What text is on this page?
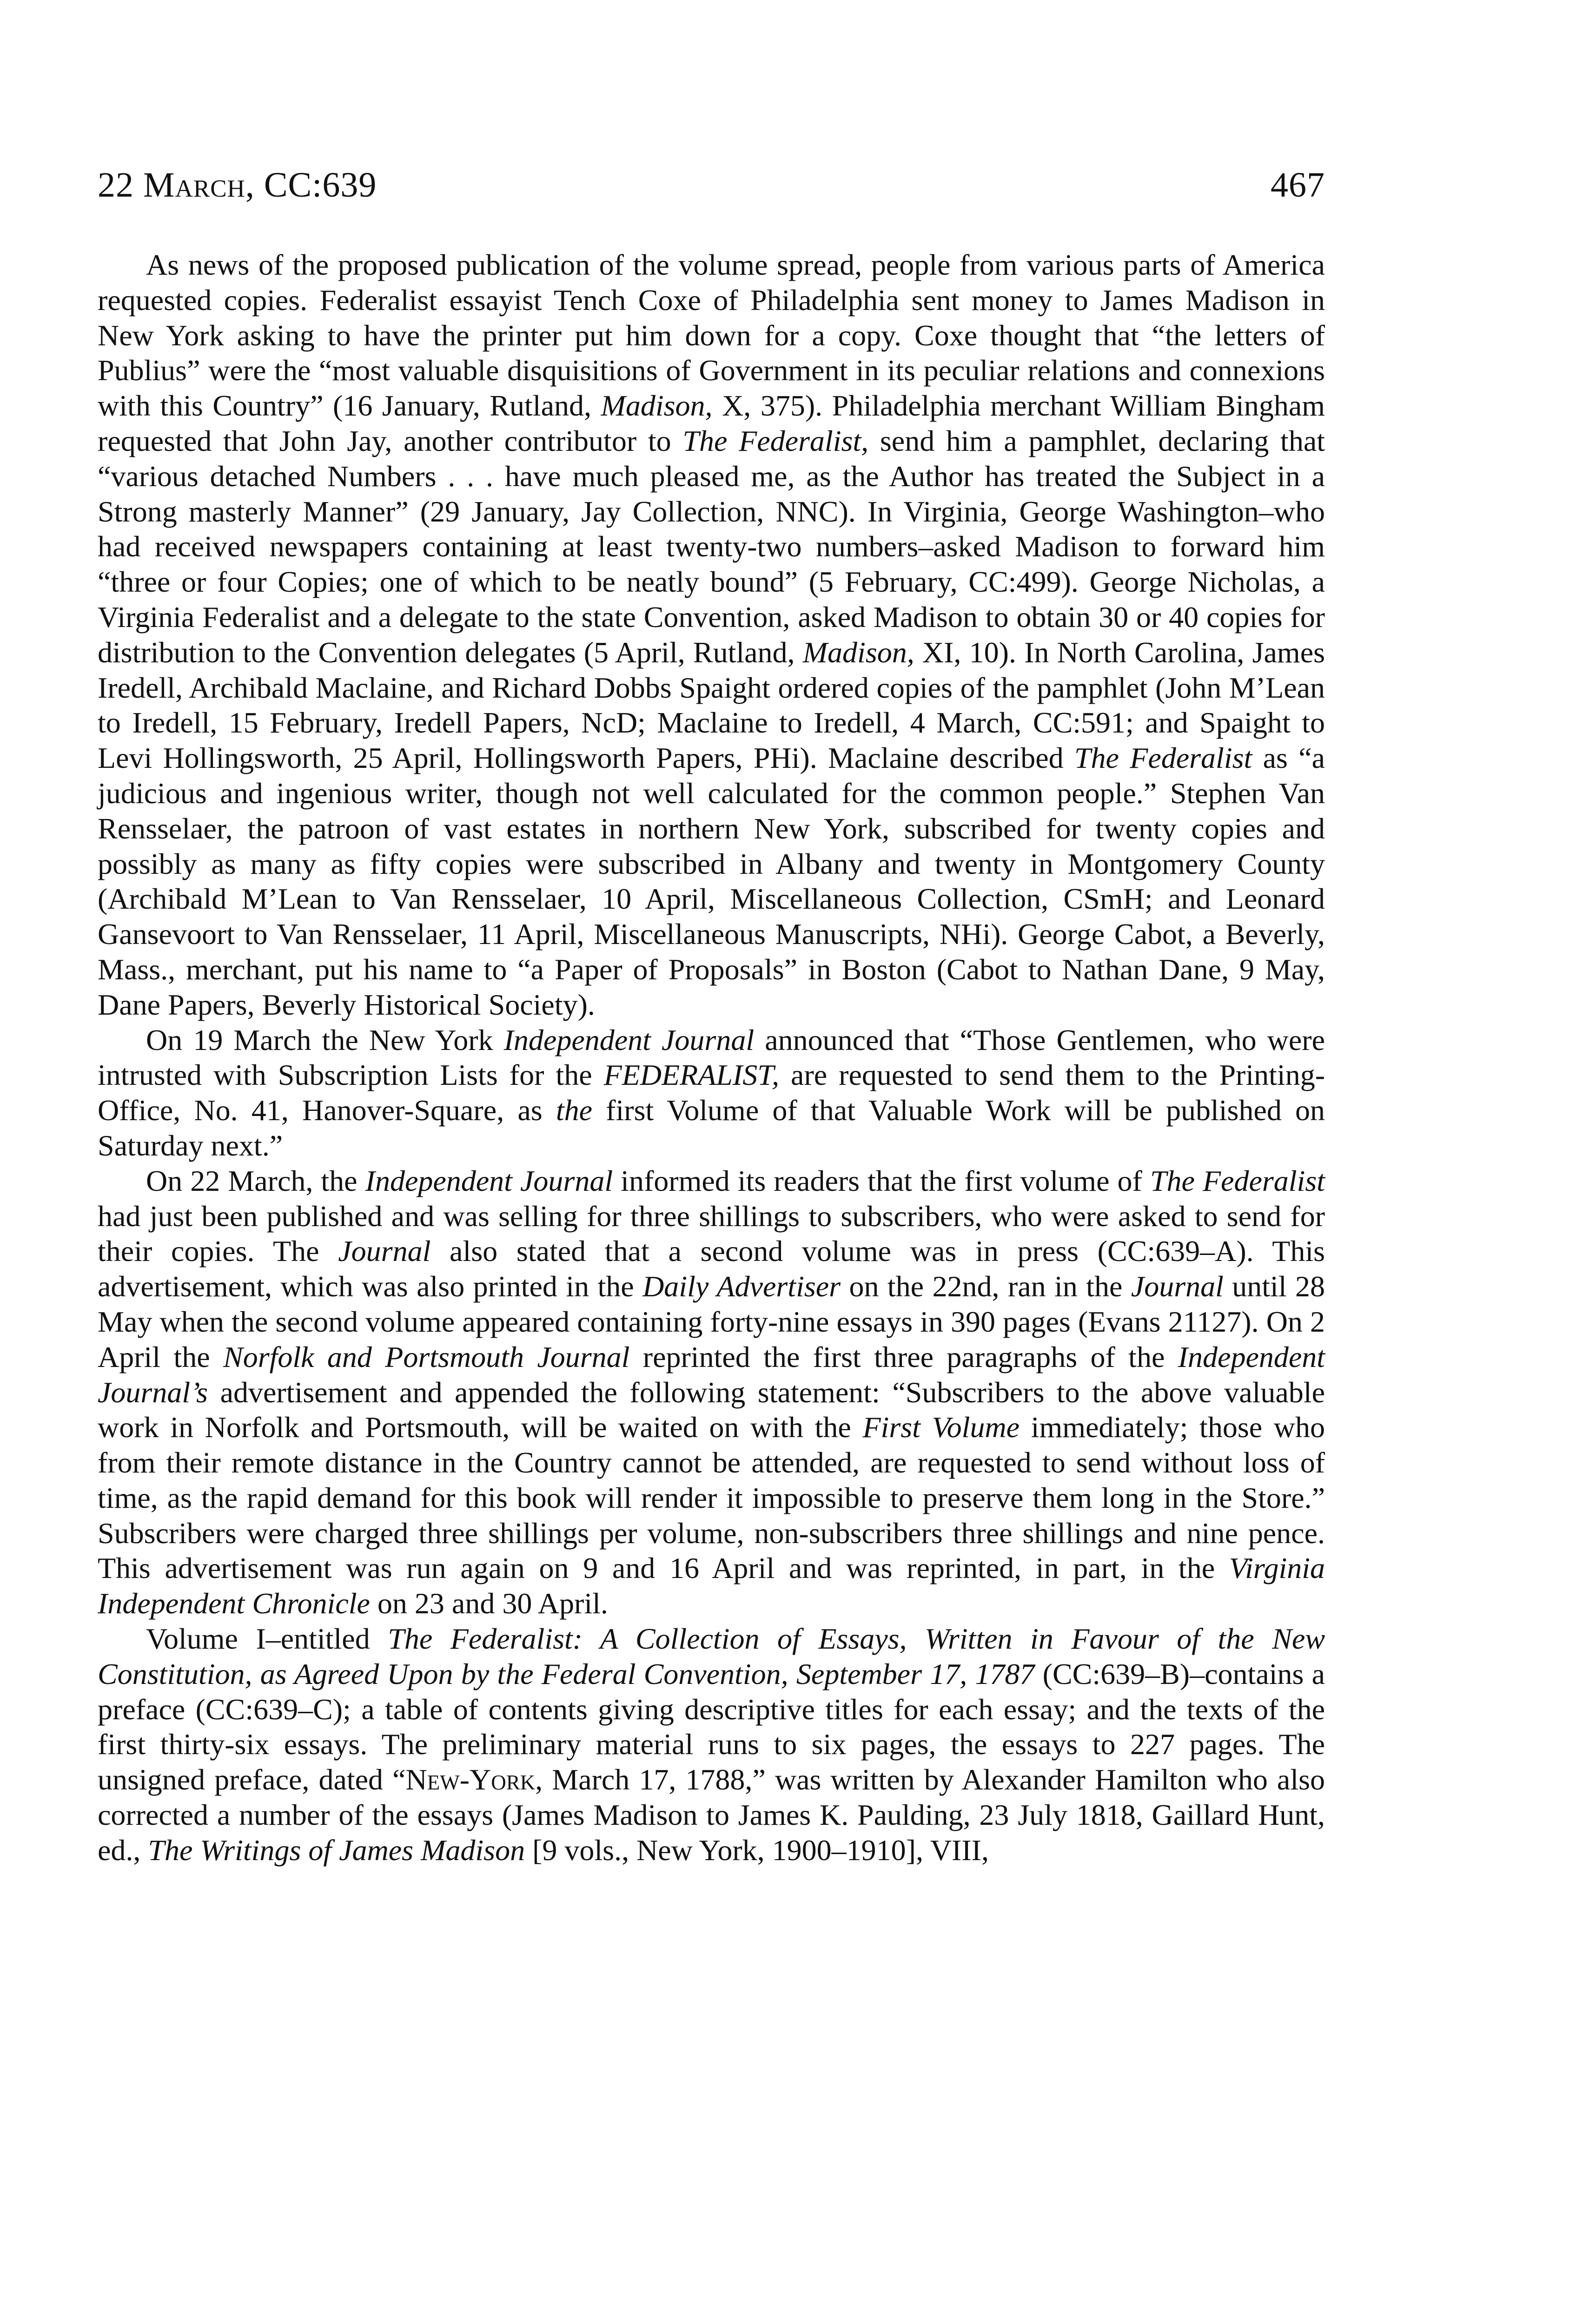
22 March, CC:639	467

As news of the proposed publication of the volume spread, people from various parts of America requested copies. Federalist essayist Tench Coxe of Philadelphia sent money to James Madison in New York asking to have the printer put him down for a copy. Coxe thought that “the letters of Publius” were the “most valuable disquisitions of Government in its peculiar relations and connexions with this Country” (16 January, Rutland, Madison, X, 375). Philadelphia merchant William Bingham requested that John Jay, another contributor to The Federalist, send him a pamphlet, declaring that “various detached Numbers . . . have much pleased me, as the Author has treated the Subject in a Strong masterly Manner” (29 January, Jay Collection, NNC). In Virginia, George Washington–who had received newspapers containing at least twenty-two numbers–asked Madison to forward him “three or four Copies; one of which to be neatly bound” (5 February, CC:499). George Nicholas, a Virginia Federalist and a delegate to the state Convention, asked Madison to obtain 30 or 40 copies for distribution to the Convention delegates (5 April, Rutland, Madison, XI, 10). In North Carolina, James Iredell, Archibald Maclaine, and Richard Dobbs Spaight ordered copies of the pamphlet (John M’Lean to Iredell, 15 February, Iredell Papers, NcD; Maclaine to Iredell, 4 March, CC:591; and Spaight to Levi Hollingsworth, 25 April, Hollingsworth Papers, PHi). Maclaine described The Federalist as “a judicious and ingenious writer, though not well calculated for the common people.” Stephen Van Rensselaer, the patroon of vast estates in northern New York, subscribed for twenty copies and possibly as many as fifty copies were subscribed in Albany and twenty in Montgomery County (Archibald M’Lean to Van Rensselaer, 10 April, Miscellaneous Collection, CSmH; and Leonard Gansevoort to Van Rensselaer, 11 April, Miscellaneous Manuscripts, NHi). George Cabot, a Beverly, Mass., merchant, put his name to “a Paper of Proposals” in Boston (Cabot to Nathan Dane, 9 May, Dane Papers, Beverly Historical Society).

On 19 March the New York Independent Journal announced that “Those Gentlemen, who were intrusted with Subscription Lists for the FEDERALIST, are requested to send them to the Printing-Office, No. 41, Hanover-Square, as the first Volume of that Valuable Work will be published on Saturday next.”

On 22 March, the Independent Journal informed its readers that the first volume of The Federalist had just been published and was selling for three shillings to subscribers, who were asked to send for their copies. The Journal also stated that a second volume was in press (CC:639–A). This advertisement, which was also printed in the Daily Advertiser on the 22nd, ran in the Journal until 28 May when the second volume appeared containing forty-nine essays in 390 pages (Evans 21127). On 2 April the Norfolk and Portsmouth Journal reprinted the first three paragraphs of the Independent Journal’s advertisement and appended the following statement: “Subscribers to the above valuable work in Norfolk and Portsmouth, will be waited on with the First Volume immediately; those who from their remote distance in the Country cannot be attended, are requested to send without loss of time, as the rapid demand for this book will render it impossible to preserve them long in the Store.” Subscribers were charged three shillings per volume, non-subscribers three shillings and nine pence. This advertisement was run again on 9 and 16 April and was reprinted, in part, in the Virginia Independent Chronicle on 23 and 30 April.

Volume I–entitled The Federalist: A Collection of Essays, Written in Favour of the New Constitution, as Agreed Upon by the Federal Convention, September 17, 1787 (CC:639–B)–contains a preface (CC:639–C); a table of contents giving descriptive titles for each essay; and the texts of the first thirty-six essays. The preliminary material runs to six pages, the essays to 227 pages. The unsigned preface, dated “New-York, March 17, 1788,” was written by Alexander Hamilton who also corrected a number of the essays (James Madison to James K. Paulding, 23 July 1818, Gaillard Hunt, ed., The Writings of James Madison [9 vols., New York, 1900–1910], VIII,
